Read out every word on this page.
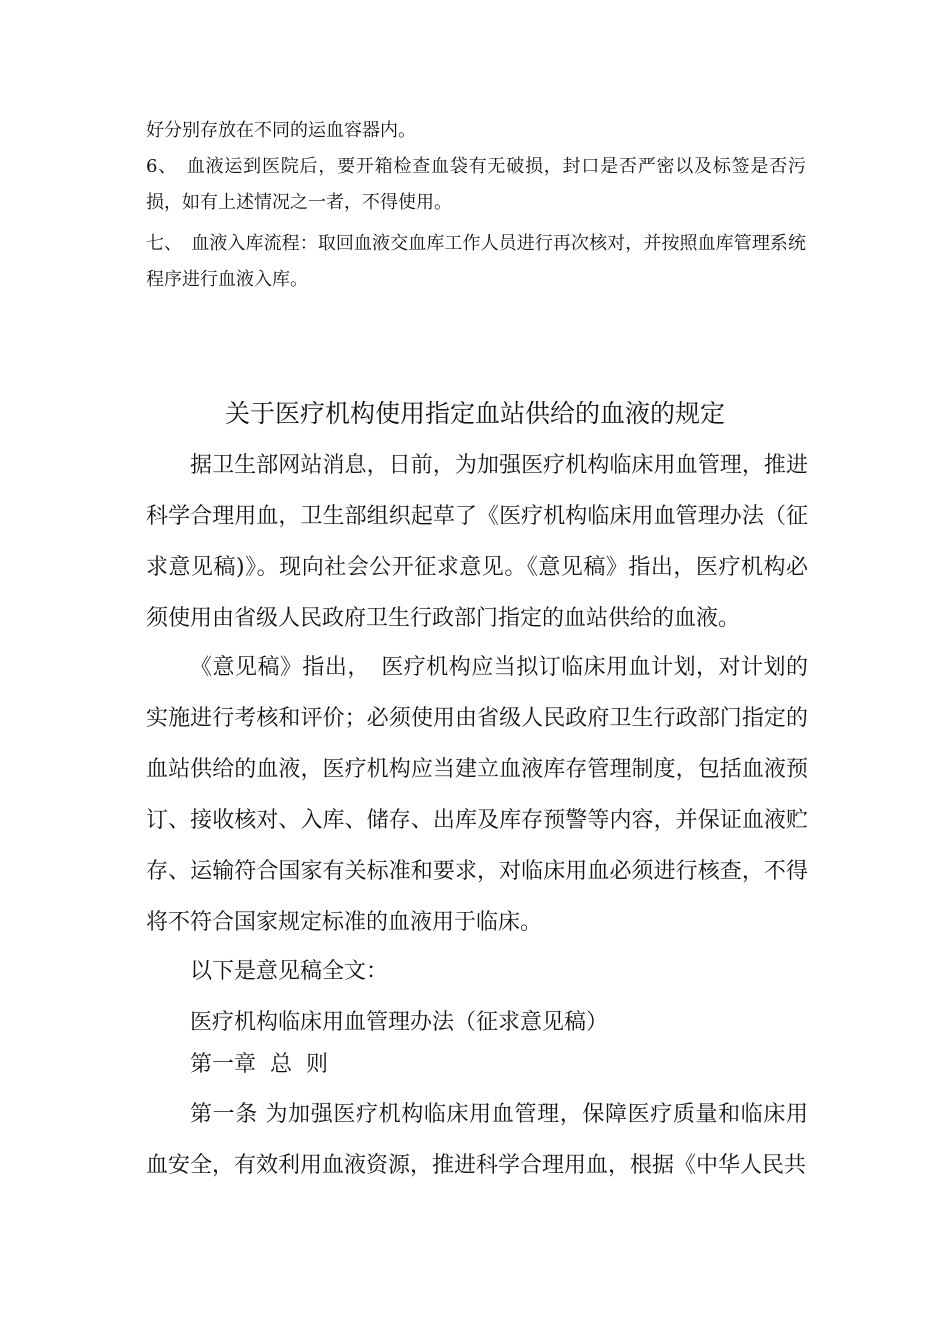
好分别存放在不同的运血容器内。
6、　血液运到医院后，要开箱检查血袋有无破损，封口是否严密以及标签是否污损，如有上述情况之一者，不得使用。
七、　血液入库流程：取回血液交血库工作人员进行再次核对，并按照血库管理系统程序进行血液入库。
关于医疗机构使用指定血站供给的血液的规定
据卫生部网站消息，日前，为加强医疗机构临床用血管理，推进科学合理用血，卫生部组织起草了《医疗机构临床用血管理办法（征求意见稿)》。现向社会公开征求意见。《意见稿》指出，医疗机构必须使用由省级人民政府卫生行政部门指定的血站供给的血液。
《意见稿》指出，　医疗机构应当拟订临床用血计划，对计划的实施进行考核和评价；必须使用由省级人民政府卫生行政部门指定的血站供给的血液，医疗机构应当建立血液库存管理制度，包括血液预订、接收核对、入库、储存、出库及库存预警等内容，并保证血液贮存、运输符合国家有关标准和要求，对临床用血必须进行核查，不得将不符合国家规定标准的血液用于临床。
以下是意见稿全文：
医疗机构临床用血管理办法（征求意见稿）
第一章  总  则
第一条 为加强医疗机构临床用血管理，保障医疗质量和临床用血安全，有效利用血液资源，推进科学合理用血，根据《中华人民共
